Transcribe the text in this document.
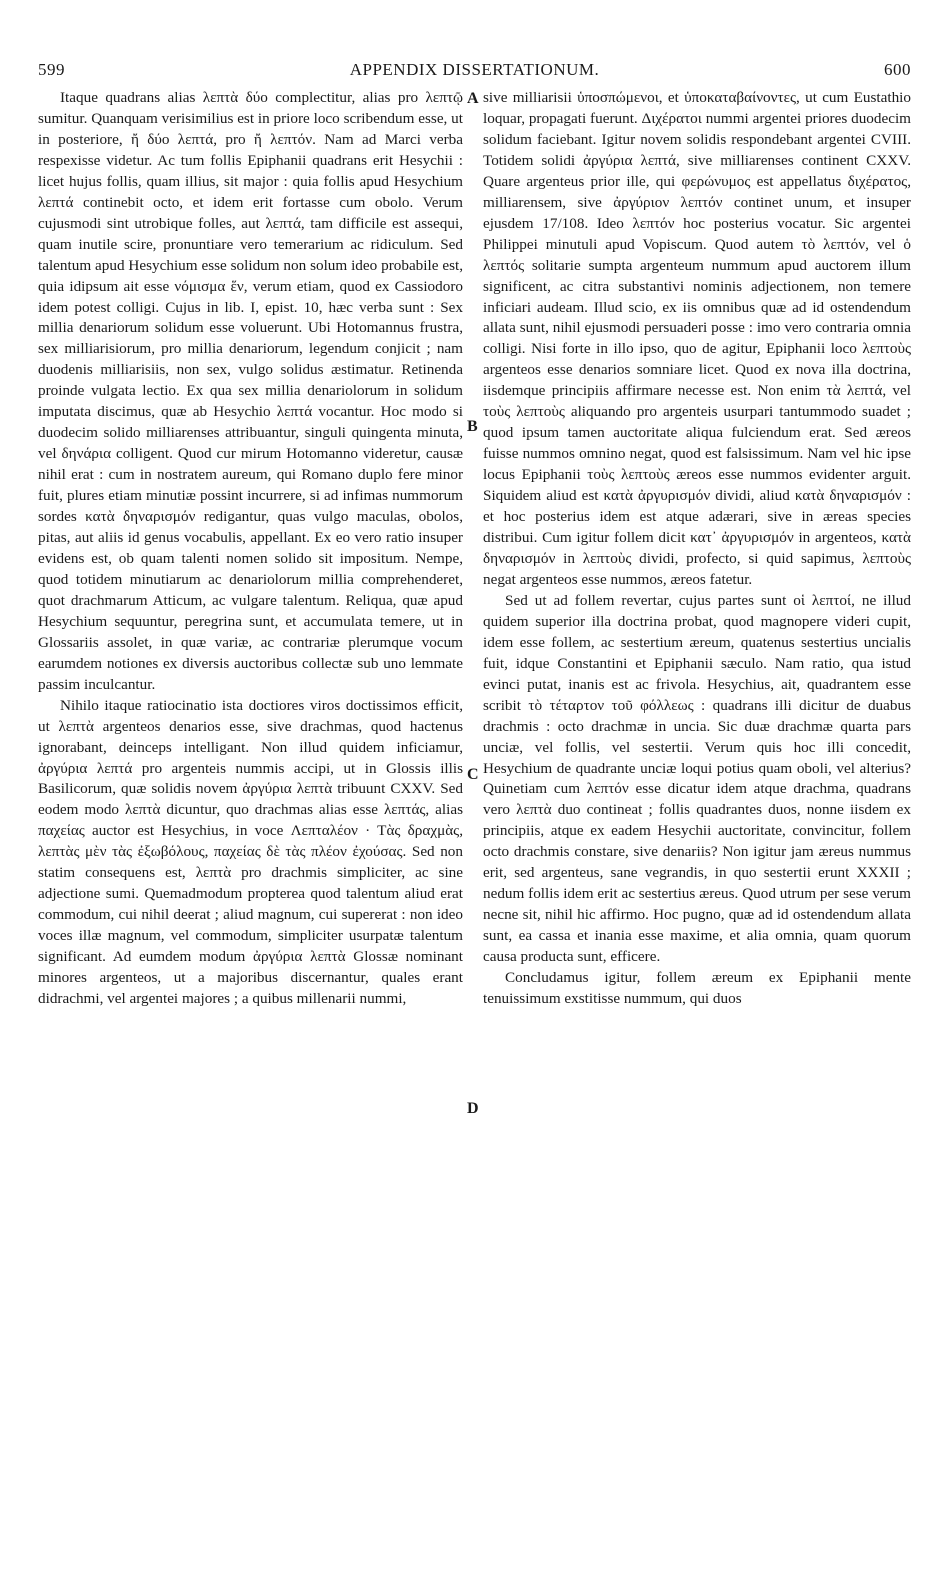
599	APPENDIX DISSERTATIONUM.	600

Itaque quadrans alias λεπτὰ δύο complectitur, alias pro λεπτῷ sumitur. Quanquam verisimilius est in priore loco scribendum esse, ut in posteriore, ἤ δύο λεπτά, pro ἤ λεπτόν. Nam ad Marci verba respexisse videtur. Ac tum follis Epiphanii quadrans erit Hesychii : licet hujus follis, quam illius, sit major : quia follis apud Hesychium λεπτά continebit octo, et idem erit fortasse cum obolo. Verum cujusmodi sint utrobique folles, aut λεπτά, tam difficile est assequi, quam inutile scire, pronuntiare vero temerarium ac ridiculum. Sed talentum apud Hesychium esse solidum non solum ideo probabile est, quia idipsum ait esse νόμισμα ἕν, verum etiam, quod ex Cassiodoro idem potest colligi. Cujus in lib. I, epist. 10, hæc verba sunt : Sex millia denariorum solidum esse voluerunt. Ubi Hotomannus frustra, sex milliarisiorum, pro millia denariorum, legendum conjicit ; nam duodenis milliarisiis, non sex, vulgo solidus æstimatur. Retinenda proinde vulgata lectio. Ex qua sex millia denariolorum in solidum imputata discimus, quæ ab Hesychio λεπτά vocantur. Hoc modo si duodecim solido milliarenses attribuantur, singuli quingenta minuta, vel δηνάρια colligent. Quod cur mirum Hotomanno videretur, causæ nihil erat : cum in nostratem aureum, qui Romano duplo fere minor fuit, plures etiam minutiæ possint incurrere, si ad infimas nummorum sordes κατὰ δηναρισμόν redigantur, quas vulgo maculas, obolos, pitas, aut aliis id genus vocabulis, appellant. Ex eo vero ratio insuper evidens est, ob quam talenti nomen solido sit impositum. Nempe, quod totidem minutiarum ac denariolorum millia comprehenderet, quot drachmarum Atticum, ac vulgare talentum. Reliqua, quæ apud Hesychium sequuntur, peregrina sunt, et accumulata temere, ut in Glossariis assolet, in quæ variæ, ac contrariæ plerumque vocum earumdem notiones ex diversis auctoribus collectæ sub uno lemmate passim inculcantur.

Nihilo itaque ratiocinatio ista doctiores viros doctissimos efficit, ut λεπτὰ argenteos denarios esse, sive drachmas, quod hactenus ignorabant, deinceps intelligant. Non illud quidem inficiamur, ἀργύρια λεπτά pro argenteis nummis accipi, ut in Glossis illis Basilicorum, quæ solidis novem ἀργύρια λεπτὰ tribuunt CXXV. Sed eodem modo λεπτὰ dicuntur, quo drachmas alias esse λεπτάς, alias παχείας auctor est Hesychius, in voce Λεπταλέον · Τὰς δραχμὰς, λεπτὰς μὲν τὰς ἐξωβόλους, παχείας δὲ τὰς πλέον ἐχούσας. Sed non statim consequens est, λεπτὰ pro drachmis simpliciter, ac sine adjectione sumi. Quemadmodum propterea quod talentum aliud erat commodum, cui nihil deerat ; aliud magnum, cui supererat : non ideo voces illæ magnum, vel commodum, simpliciter usurpatæ talentum significant. Ad eumdem modum ἀργύρια λεπτὰ Glossæ nominant minores argenteos, ut a majoribus discernantur, quales erant didrachmi, vel argentei majores ; a quibus millenarii nummi,

sive milliarisii ὑποσπώμενοι, et ὑποκαταβαίνοντες, ut cum Eustathio loquar, propagati fuerunt. Διχέρατοι nummi argentei priores duodecim solidum faciebant. Igitur novem solidis respondebant argentei CVIII. Totidem solidi ἀργύρια λεπτά, sive milliarenses continent CXXV. Quare argenteus prior ille, qui φερώνυμος est appellatus διχέρατος, milliarensem, sive ἀργύριον λεπτόν continet unum, et insuper ejusdem 17/108. Ideo λεπτόν hoc posterius vocatur. Sic argentei Philippei minutuli apud Vopiscum. Quod autem τὸ λεπτόν, vel ὁ λεπτός solitarie sumpta argenteum nummum apud auctorem illum significent, ac citra substantivi nominis adjectionem, non temere inficiari audeam. Illud scio, ex iis omnibus quæ ad id ostendendum allata sunt, nihil ejusmodi persuaderi posse : imo vero contraria omnia colligi. Nisi forte in illo ipso, quo de agitur, Epiphanii loco λεπτοὺς argenteos esse denarios somniare licet. Quod ex nova illa doctrina, iisdemque principiis affirmare necesse est. Non enim τὰ λεπτά, vel τοὺς λεπτοὺς aliquando pro argenteis usurpari tantummodo suadet ; quod ipsum tamen auctoritate aliqua fulciendum erat. Sed æreos fuisse nummos omnino negat, quod est falsissimum. Nam vel hic ipse locus Epiphanii τοὺς λεπτοὺς æreos esse nummos evidenter arguit. Siquidem aliud est κατὰ ἀργυρισμόν dividi, aliud κατὰ δηναρισμόν : et hoc posterius idem est atque adærari, sive in æreas species distribui. Cum igitur follem dicit κατ᾽ ἀργυρισμόν in argenteos, κατὰ δηναρισμόν in λεπτοὺς dividi, profecto, si quid sapimus, λεπτοὺς negat argenteos esse nummos, æreos fatetur.

Sed ut ad follem revertar, cujus partes sunt οἱ λεπτοί, ne illud quidem superior illa doctrina probat, quod magnopere videri cupit, idem esse follem, ac sestertium æreum, quatenus sestertius uncialis fuit, idque Constantini et Epiphanii sæculo. Nam ratio, qua istud evinci putat, inanis est ac frivola. Hesychius, ait, quadrantem esse scribit τὸ τέταρτον τοῦ φόλλεως : quadrans illi dicitur de duabus drachmis : octo drachmæ in uncia. Sic duæ drachmæ quarta pars unciæ, vel follis, vel sestertii. Verum quis hoc illi concedit, Hesychium de quadrante unciæ loqui potius quam oboli, vel alterius? Quinetiam cum λεπτόν esse dicatur idem atque drachma, quadrans vero λεπτὰ duo contineat ; follis quadrantes duos, nonne iisdem ex principiis, atque ex eadem Hesychii auctoritate, convincitur, follem octo drachmis constare, sive denariis? Non igitur jam æreus nummus erit, sed argenteus, sane vegrandis, in quo sestertii erunt XXXII ; nedum follis idem erit ac sestertius æreus. Quod utrum per sese verum necne sit, nihil hic affirmo. Hoc pugno, quæ ad id ostendendum allata sunt, ea cassa et inania esse maxime, et alia omnia, quam quorum causa producta sunt, efficere.

Concludamus igitur, follem æreum ex Epiphanii mente tenuissimum exstitisse nummum, qui duos

A
B
C
D
